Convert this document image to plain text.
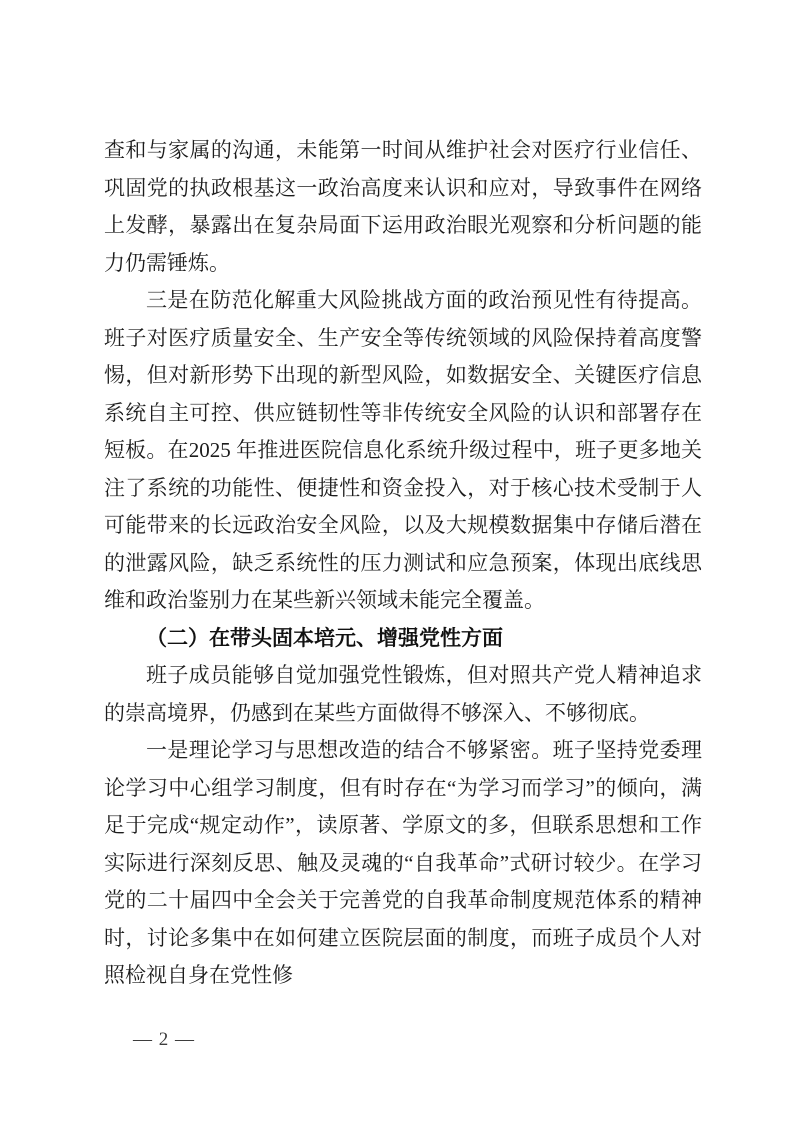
查和与家属的沟通，未能第一时间从维护社会对医疗行业信任、巩固党的执政根基这一政治高度来认识和应对，导致事件在网络上发酵，暴露出在复杂局面下运用政治眼光观察和分析问题的能力仍需锤炼。

三是在防范化解重大风险挑战方面的政治预见性有待提高。班子对医疗质量安全、生产安全等传统领域的风险保持着高度警惕，但对新形势下出现的新型风险，如数据安全、关键医疗信息系统自主可控、供应链韧性等非传统安全风险的认识和部署存在短板。在2025 年推进医院信息化系统升级过程中，班子更多地关注了系统的功能性、便捷性和资金投入，对于核心技术受制于人可能带来的长远政治安全风险，以及大规模数据集中存储后潜在的泄露风险，缺乏系统性的压力测试和应急预案，体现出底线思维和政治鉴别力在某些新兴领域未能完全覆盖。

（二）在带头固本培元、增强党性方面

班子成员能够自觉加强党性锻炼，但对照共产党人精神追求的崇高境界，仍感到在某些方面做得不够深入、不够彻底。

一是理论学习与思想改造的结合不够紧密。班子坚持党委理论学习中心组学习制度，但有时存在“为学习而学习”的倾向，满足于完成“规定动作”，读原著、学原文的多，但联系思想和工作实际进行深刻反思、触及灵魂的“自我革命”式研讨较少。在学习党的二十届四中全会关于完善党的自我革命制度规范体系的精神时，讨论多集中在如何建立医院层面的制度，而班子成员个人对照检视自身在党性修

— 2 —
